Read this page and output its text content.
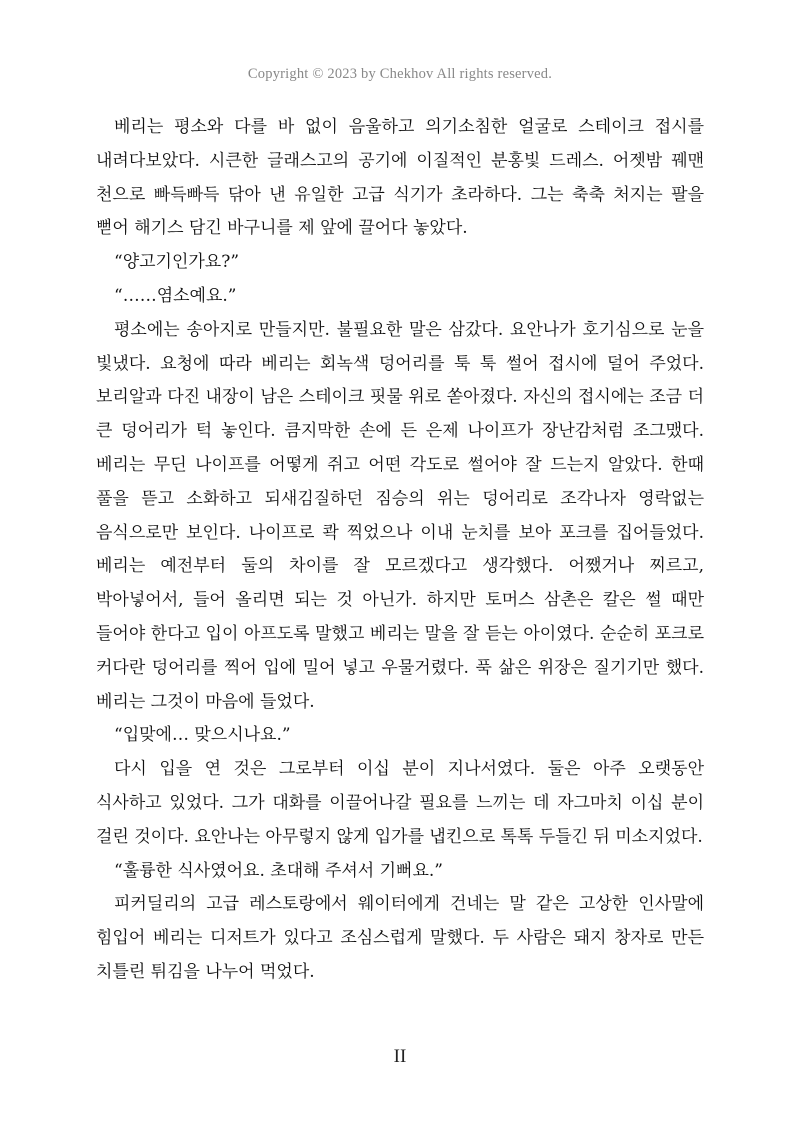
Copyright © 2023 by Chekhov All rights reserved.

베리는 평소와 다를 바 없이 음울하고 의기소침한 얼굴로 스테이크 접시를 내려다보았다. 시큰한 글래스고의 공기에 이질적인 분홍빛 드레스. 어젯밤 꿰맨 천으로 빠득빠득 닦아 낸 유일한 고급 식기가 초라하다. 그는 축축 처지는 팔을 뻗어 해기스 담긴 바구니를 제 앞에 끌어다 놓았다.

“양고기인가요?”

“……염소예요.”

평소에는 송아지로 만들지만. 불필요한 말은 삼갔다. 요안나가 호기심으로 눈을 빛냈다. 요청에 따라 베리는 회녹색 덩어리를 툭 툭 썰어 접시에 덜어 주었다. 보리알과 다진 내장이 남은 스테이크 핏물 위로 쏟아졌다. 자신의 접시에는 조금 더 큰 덩어리가 턱 놓인다. 큼지막한 손에 든 은제 나이프가 장난감처럼 조그맸다. 베리는 무딘 나이프를 어떻게 쥐고 어떤 각도로 썰어야 잘 드는지 알았다. 한때 풀을 뜯고 소화하고 되새김질하던 짐승의 위는 덩어리로 조각나자 영락없는 음식으로만 보인다. 나이프로 콱 찍었으나 이내 눈치를 보아 포크를 집어들었다. 베리는 예전부터 둘의 차이를 잘 모르겠다고 생각했다. 어쨌거나 찌르고, 박아넣어서, 들어 올리면 되는 것 아닌가. 하지만 토머스 삼촌은 칼은 썰 때만 들어야 한다고 입이 아프도록 말했고 베리는 말을 잘 듣는 아이였다. 순순히 포크로 커다란 덩어리를 찍어 입에 밀어 넣고 우물거렸다. 푹 삶은 위장은 질기기만 했다. 베리는 그것이 마음에 들었다.

“입맞에… 맞으시나요.”

다시 입을 연 것은 그로부터 이십 분이 지나서였다. 둘은 아주 오랫동안 식사하고 있었다. 그가 대화를 이끌어나갈 필요를 느끼는 데 자그마치 이십 분이 걸린 것이다. 요안나는 아무렇지 않게 입가를 냅킨으로 톡톡 두들긴 뒤 미소지었다.

“훌륭한 식사였어요. 초대해 주셔서 기뻐요.”

피커딜리의 고급 레스토랑에서 웨이터에게 건네는 말 같은 고상한 인사말에 힘입어 베리는 디저트가 있다고 조심스럽게 말했다. 두 사람은 돼지 창자로 만든 치틀린 튀김을 나누어 먹었다.

II
